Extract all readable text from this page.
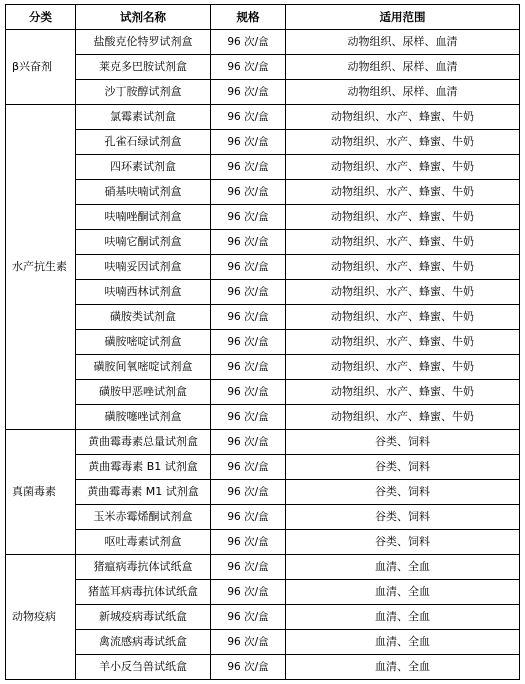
分类	试剂名称	规格	适用范围
β兴奋剂	盐酸克伦特罗试剂盒	96 次/盒	动物组织、尿样、血清
	莱克多巴胺试剂盒	96 次/盒	动物组织、尿样、血清
	沙丁胺醇试剂盒	96 次/盒	动物组织、尿样、血清
水产抗生素	氯霉素试剂盒	96 次/盒	动物组织、水产、蜂蜜、牛奶
	孔雀石绿试剂盒	96 次/盒	动物组织、水产、蜂蜜、牛奶
	四环素试剂盒	96 次/盒	动物组织、水产、蜂蜜、牛奶
	硝基呋喃试剂盒	96 次/盒	动物组织、水产、蜂蜜、牛奶
	呋喃唑酮试剂盒	96 次/盒	动物组织、水产、蜂蜜、牛奶
	呋喃它酮试剂盒	96 次/盒	动物组织、水产、蜂蜜、牛奶
	呋喃妥因试剂盒	96 次/盒	动物组织、水产、蜂蜜、牛奶
	呋喃西林试剂盒	96 次/盒	动物组织、水产、蜂蜜、牛奶
	磺胺类试剂盒	96 次/盒	动物组织、水产、蜂蜜、牛奶
	磺胺嘧啶试剂盒	96 次/盒	动物组织、水产、蜂蜜、牛奶
	磺胺间氧嘧啶试剂盒	96 次/盒	动物组织、水产、蜂蜜、牛奶
	磺胺甲恶唑试剂盒	96 次/盒	动物组织、水产、蜂蜜、牛奶
	磺胺噻唑试剂盒	96 次/盒	动物组织、水产、蜂蜜、牛奶
真菌毒素	黄曲霉毒素总量试剂盒	96 次/盒	谷类、饲料
	黄曲霉毒素 B1 试剂盒	96 次/盒	谷类、饲料
	黄曲霉毒素 M1 试剂盒	96 次/盒	谷类、饲料
	玉米赤霉烯酮试剂盒	96 次/盒	谷类、饲料
	呕吐毒素试剂盒	96 次/盒	谷类、饲料
动物疫病	猪瘟病毒抗体试纸盒	96 次/盒	血清、全血
	猪蓝耳病毒抗体试纸盒	96 次/盒	血清、全血
	新城疫病毒试纸盒	96 次/盒	血清、全血
	禽流感病毒试纸盒	96 次/盒	血清、全血
	羊小反刍兽试纸盒	96 次/盒	血清、全血
